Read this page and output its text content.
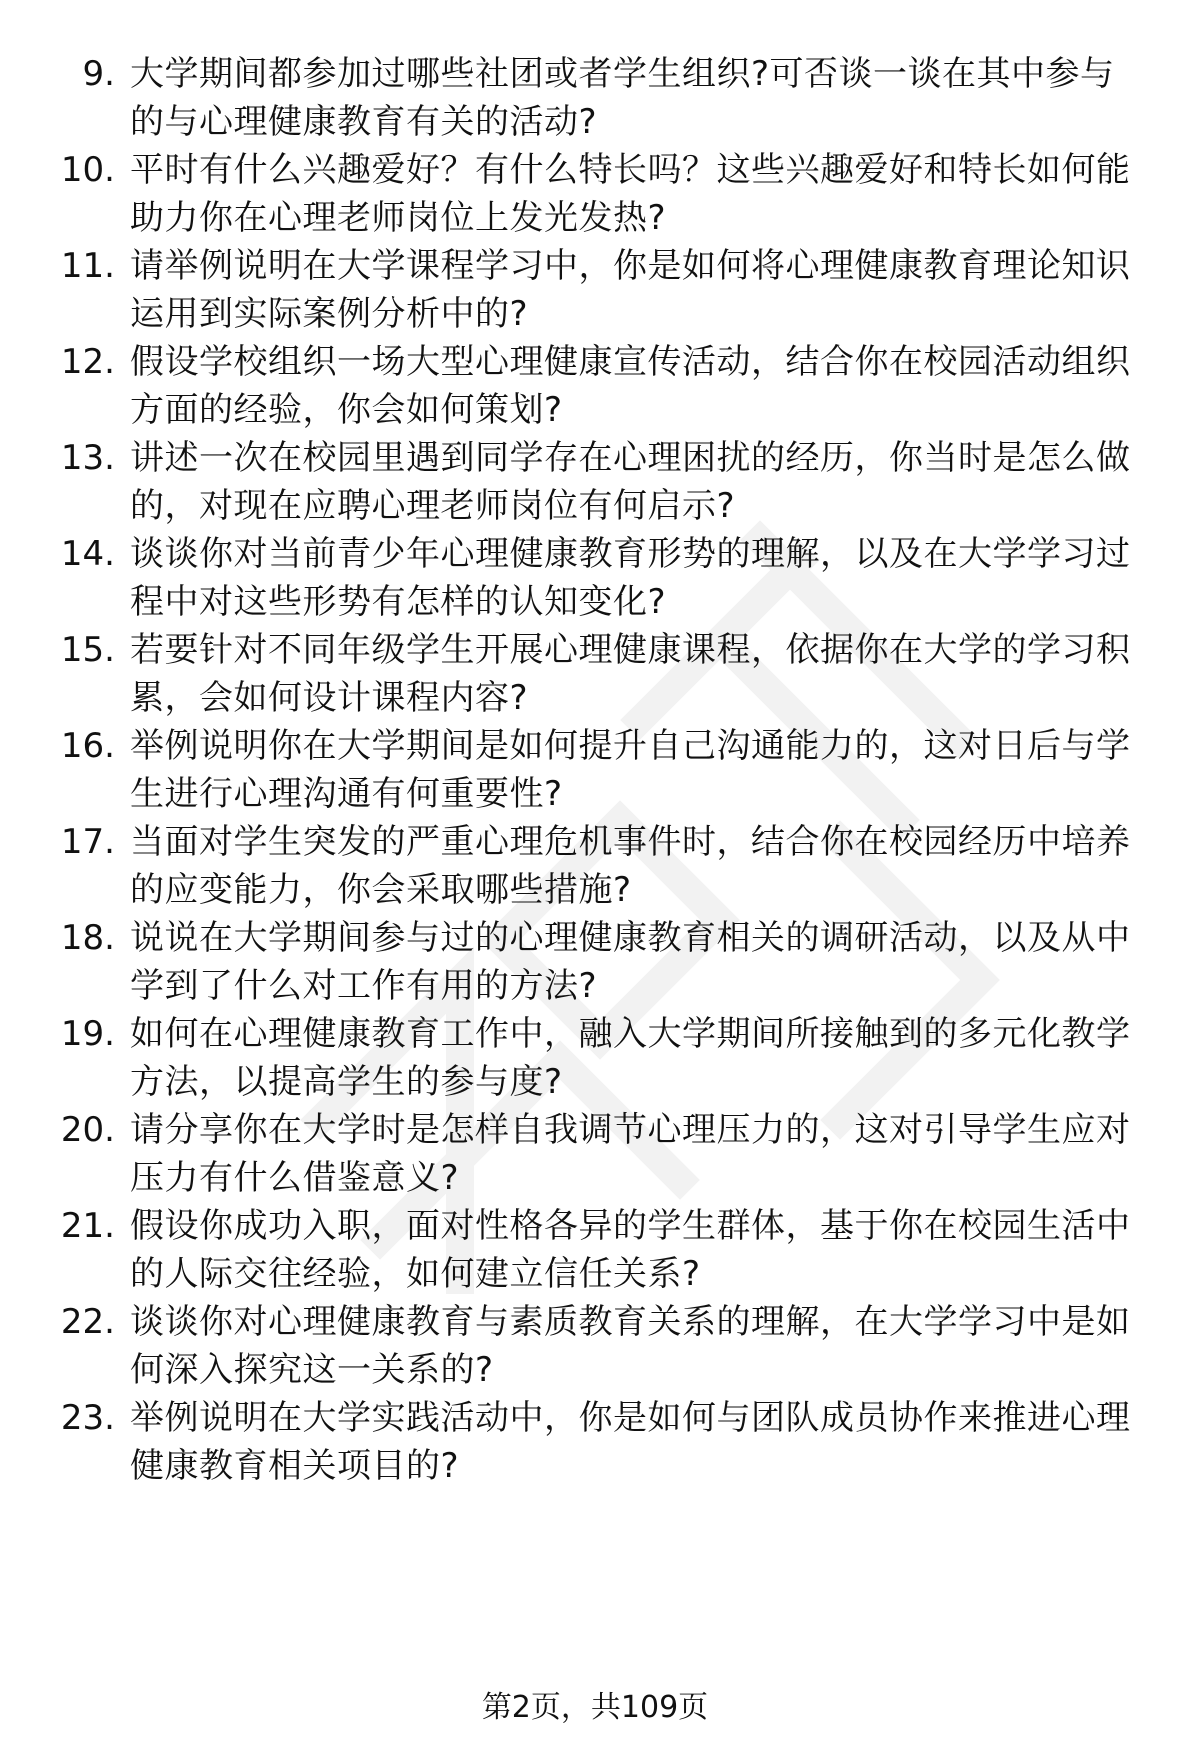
9. 大学期间都参加过哪些社团或者学生组织?可否谈一谈在其中参与的与心理健康教育有关的活动?
10. 平时有什么兴趣爱好？有什么特长吗？这些兴趣爱好和特长如何能助力你在心理老师岗位上发光发热?
11. 请举例说明在大学课程学习中，你是如何将心理健康教育理论知识运用到实际案例分析中的?
12. 假设学校组织一场大型心理健康宣传活动，结合你在校园活动组织方面的经验，你会如何策划?
13. 讲述一次在校园里遇到同学存在心理困扰的经历，你当时是怎么做的，对现在应聘心理老师岗位有何启示?
14. 谈谈你对当前青少年心理健康教育形势的理解，以及在大学学习过程中对这些形势有怎样的认知变化?
15. 若要针对不同年级学生开展心理健康课程，依据你在大学的学习积累，会如何设计课程内容?
16. 举例说明你在大学期间是如何提升自己沟通能力的，这对日后与学生进行心理沟通有何重要性?
17. 当面对学生突发的严重心理危机事件时，结合你在校园经历中培养的应变能力，你会采取哪些措施?
18. 说说在大学期间参与过的心理健康教育相关的调研活动，以及从中学到了什么对工作有用的方法?
19. 如何在心理健康教育工作中，融入大学期间所接触到的多元化教学方法，以提高学生的参与度?
20. 请分享你在大学时是怎样自我调节心理压力的，这对引导学生应对压力有什么借鉴意义?
21. 假设你成功入职，面对性格各异的学生群体，基于你在校园生活中的人际交往经验，如何建立信任关系?
22. 谈谈你对心理健康教育与素质教育关系的理解，在大学学习中是如何深入探究这一关系的?
23. 举例说明在大学实践活动中，你是如何与团队成员协作来推进心理健康教育相关项目的?
第2页，共109页
